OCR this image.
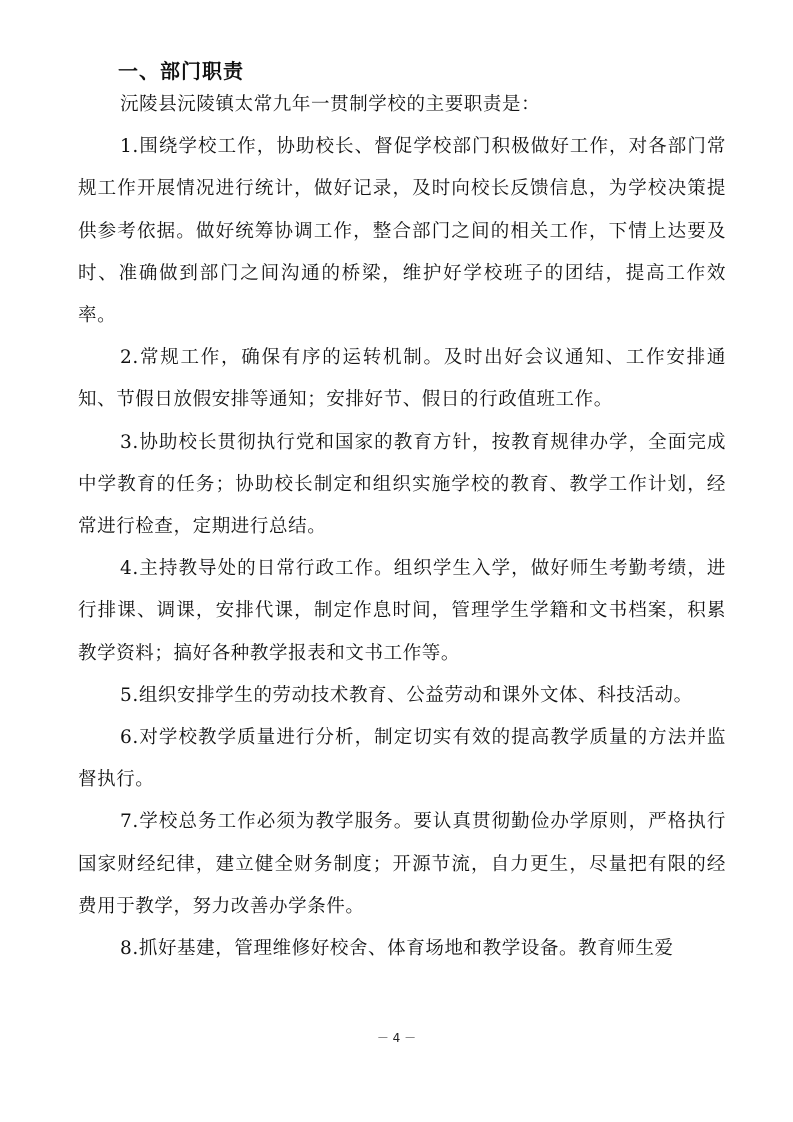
一、部门职责

沅陵县沅陵镇太常九年一贯制学校的主要职责是：

1.围绕学校工作，协助校长、督促学校部门积极做好工作，对各部门常规工作开展情况进行统计，做好记录，及时向校长反馈信息，为学校决策提供参考依据。做好统筹协调工作，整合部门之间的相关工作，下情上达要及时、准确做到部门之间沟通的桥梁，维护好学校班子的团结，提高工作效率。

2.常规工作，确保有序的运转机制。及时出好会议通知、工作安排通知、节假日放假安排等通知；安排好节、假日的行政值班工作。

3.协助校长贯彻执行党和国家的教育方针，按教育规律办学，全面完成中学教育的任务；协助校长制定和组织实施学校的教育、教学工作计划，经常进行检查，定期进行总结。

4.主持教导处的日常行政工作。组织学生入学，做好师生考勤考绩，进行排课、调课，安排代课，制定作息时间，管理学生学籍和文书档案，积累教学资料；搞好各种教学报表和文书工作等。

5.组织安排学生的劳动技术教育、公益劳动和课外文体、科技活动。

6.对学校教学质量进行分析，制定切实有效的提高教学质量的方法并监督执行。

7.学校总务工作必须为教学服务。要认真贯彻勤俭办学原则，严格执行国家财经纪律，建立健全财务制度；开源节流，自力更生，尽量把有限的经费用于教学，努力改善办学条件。

8.抓好基建，管理维修好校舍、体育场地和教学设备。教育师生爱

－ 4 －
